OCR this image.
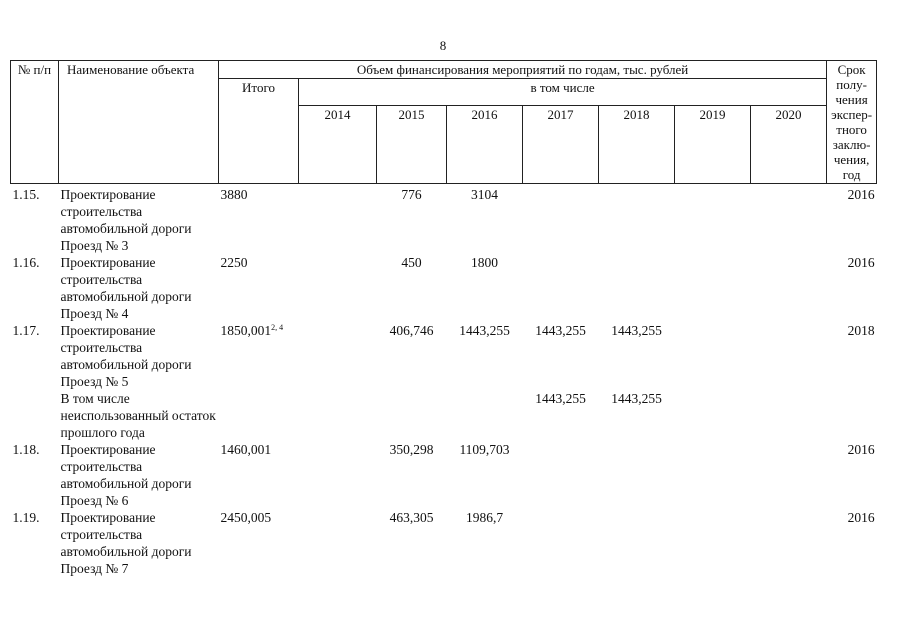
8
№ п/п	Наименование объекта	Объем финансирования мероприятий по годам, тыс. рублей								Срок полу-чения экспер-тного заклю-чения, год
		Итого	в том числе							
			2014	2015	2016	2017	2018	2019	2020	
1.15.	Проектирование строительства автомобильной дороги Проезд № 3	3880		776	3104					2016
1.16.	Проектирование строительства автомобильной дороги Проезд № 4	2250		450	1800					2016
1.17.	Проектирование строительства автомобильной дороги Проезд № 5	1850,001$^{2, 4}$		406,746	1443,255	1443,255	1443,255			2018
	В том числе неиспользованный остаток прошлого года					1443,255	1443,255			
1.18.	Проектирование строительства автомобильной дороги Проезд № 6	1460,001		350,298	1109,703					2016
1.19.	Проектирование строительства автомобильной дороги Проезд № 7	2450,005		463,305	1986,7					2016
